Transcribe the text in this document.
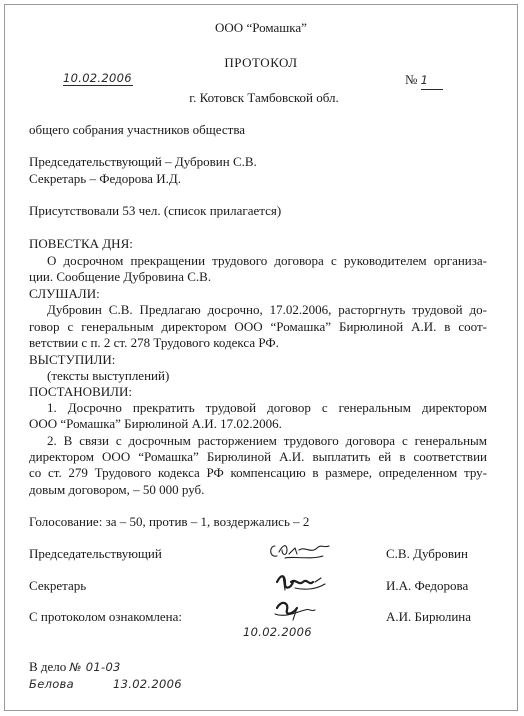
ООО “Ромашка”
ПРОТОКОЛ
10.02.2006	№ 1
г. Котовск Тамбовской обл.
общего собрания участников общества
Председательствующий – Дубровин С.В.
Секретарь – Федорова И.Д.
Присутствовали 53 чел. (список прилагается)
ПОВЕСТКА ДНЯ:
О досрочном прекращении трудового договора с руководителем организа-
ции. Сообщение Дубровина С.В.
СЛУШАЛИ:
Дубровин С.В. Предлагаю досрочно, 17.02.2006, расторгнуть трудовой до-
говор с генеральным директором ООО “Ромашка” Бирюлиной А.И. в соот-
ветствии с п. 2 ст. 278 Трудового кодекса РФ.
ВЫСТУПИЛИ:
(тексты выступлений)
ПОСТАНОВИЛИ:
1. Досрочно прекратить трудовой договор с генеральным директором
ООО “Ромашка” Бирюлиной А.И. 17.02.2006.
2. В связи с досрочным расторжением трудового договора с генеральным
директором ООО “Ромашка” Бирюлиной А.И. выплатить ей в соответствии
со ст. 279 Трудового кодекса РФ компенсацию в размере, определенном тру-
довым договором, – 50 000 руб.
Голосование: за – 50, против – 1, воздержались – 2
Председательствующий	С.В. Дубровин
Секретарь	И.А. Федорова
С протоколом ознакомлена:	А.И. Бирюлина
10.02.2006
В дело № 01-03
Белова	13.02.2006
